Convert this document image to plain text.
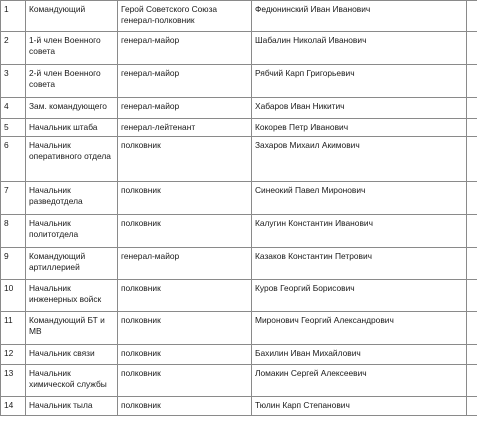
1	Командующий	Герой Советского Союза генерал-полковник	Федюнинский Иван Иванович	
2	1-й член Военного совета	генерал-майор	Шабалин Николай Иванович	
3	2-й член Военного совета	генерал-майор	Рябчий Карп Григорьевич	
4	Зам. командующего	генерал-майор	Хабаров Иван Никитич	
5	Начальник штаба	генерал-лейтенант	Кокорев Петр Иванович	
6	Начальник оперативного отдела	полковник	Захаров Михаил Акимович	
7	Начальник разведотдела	полковник	Синеокий Павел Миронович	
8	Начальник политотдела	полковник	Калугин Константин Иванович	
9	Командующий артиллерией	генерал-майор	Казаков Константин Петрович	
10	Начальник инженерных войск	полковник	Куров Георгий Борисович	
11	Командующий БТ и МВ	полковник	Миронович Георгий Александрович	
12	Начальник связи	полковник	Бахилин Иван Михайлович	
13	Начальник химической службы	полковник	Ломакин Сергей Алексеевич	
14	Начальник тыла	полковник	Тюлин Карп Степанович	
